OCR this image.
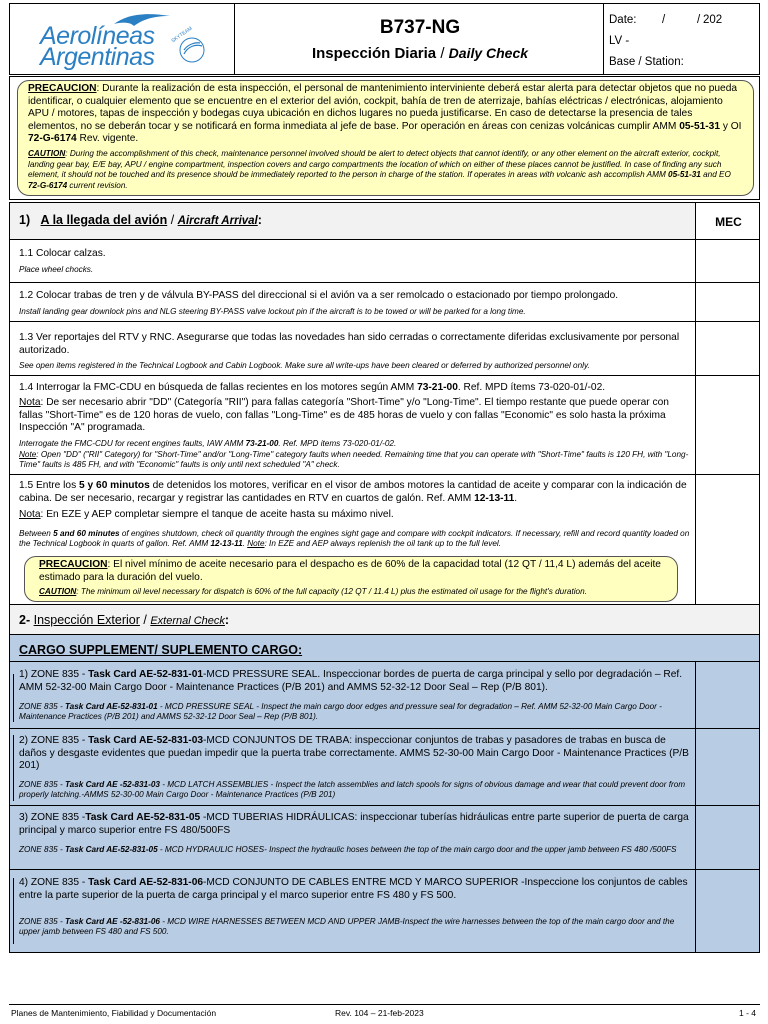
Aerolíneas
Argentinas
SKYTEAM	B737-NG
Inspección Diaria / Daily Check
Date: /	/ 202
LV -
Base / Station:
PRECAUCION: Durante la realización de esta inspección, el personal de mantenimiento interviniente deberá estar alerta para detectar objetos que no pueda identificar, o cualquier elemento que se encuentre en el exterior del avión, cockpit, bahía de tren de aterrizaje, bahías eléctricas / electrónicas, alojamiento APU / motores, tapas de inspección y bodegas cuya ubicación en dichos lugares no pueda justificarse. En caso de detectarse la presencia de tales elementos, no se deberán tocar y se notificará en forma inmediata al jefe de base. Por operación en áreas con cenizas volcánicas cumplir AMM 05-51-31 y OI 72-G-6174 Rev. vigente.
CAUTION: During the accomplishment of this check, maintenance personnel involved should be alert to detect objects that cannot identify, or any other element on the aircraft exterior, cockpit, landing gear bay, E/E bay, APU / engine compartment, inspection covers and cargo compartments the location of which on either of these places cannot be justified. In case of finding any such element, it should not be touched and its presence should be immediately reported to the person in charge of the station. If operates in areas with volcanic ash accomplish AMM 05-51-31 and EO 72-G-6174 current revision.
1) A la llegada del avión / Aircraft Arrival:	MEC
1.1 Colocar calzas.
Place wheel chocks.
1.2 Colocar trabas de tren y de válvula BY-PASS del direccional si el avión va a ser remolcado o estacionado por tiempo prolongado.
Install landing gear downlock pins and NLG steering BY-PASS valve lockout pin if the aircraft is to be towed or will be parked for a long time.
1.3 Ver reportajes del RTV y RNC. Asegurarse que todas las novedades han sido cerradas o correctamente diferidas exclusivamente por personal autorizado.
See open items registered in the Technical Logbook and Cabin Logbook. Make sure all write-ups have been cleared or deferred by authorized personnel only.
1.4 Interrogar la FMC-CDU en búsqueda de fallas recientes en los motores según AMM 73-21-00. Ref. MPD ítems 73-020-01/-02.
Nota: De ser necesario abrir "DD" (Categoría "RII") para fallas categoría "Short-Time" y/o "Long-Time". El tiempo restante que puede operar con fallas "Short-Time" es de 120 horas de vuelo, con fallas "Long-Time" es de 485 horas de vuelo y con fallas "Economic" es solo hasta la próxima Inspección "A" programada.
Interrogate the FMC-CDU for recent engines faults, IAW AMM 73-21-00. Ref. MPD items 73-020-01/-02.
Note: Open "DD" ("RII" Category) for "Short-Time" and/or "Long-Time" category faults when needed. Remaining time that you can operate with "Short-Time" faults is 120 FH, with "Long-Time" faults is 485 FH, and with "Economic" faults is only until next scheduled "A" check.
1.5 Entre los 5 y 60 minutos de detenidos los motores, verificar en el visor de ambos motores la cantidad de aceite y comparar con la indicación de cabina. De ser necesario, recargar y registrar las cantidades en RTV en cuartos de galón. Ref. AMM 12-13-11.
Nota: En EZE y AEP completar siempre el tanque de aceite hasta su máximo nivel.
Between 5 and 60 minutes of engines shutdown, check oil quantity through the engines sight gage and compare with cockpit indicators. If necessary, refill and record quantity loaded on the Technical Logbook in quarts of gallon. Ref. AMM 12-13-11. Note: In EZE and AEP always replenish the oil tank up to the full level.
PRECAUCION: El nivel mínimo de aceite necesario para el despacho es de 60% de la capacidad total (12 QT / 11,4 L) además del aceite estimado para la duración del vuelo.
CAUTION: The minimum oil level necessary for dispatch is 60% of the full capacity (12 QT / 11.4 L) plus the estimated oil usage for the flight's duration.
2- Inspección Exterior / External Check:
CARGO SUPPLEMENT/ SUPLEMENTO CARGO:
1) ZONE 835 - Task Card AE-52-831-01-MCD PRESSURE SEAL. Inspeccionar bordes de puerta de carga principal y sello por degradación – Ref. AMM 52-32-00 Main Cargo Door - Maintenance Practices (P/B 201) and AMMS 52-32-12 Door Seal – Rep (P/B 801).
ZONE 835 - Task Card AE-52-831-01 - MCD PRESSURE SEAL - Inspect the main cargo door edges and pressure seal for degradation – Ref. AMM 52-32-00 Main Cargo Door - Maintenance Practices (P/B 201) and AMMS 52-32-12 Door Seal – Rep (P/B 801).
2) ZONE 835 - Task Card AE-52-831-03-MCD CONJUNTOS DE TRABA: inspeccionar conjuntos de trabas y pasadores de trabas en busca de daños y desgaste evidentes que puedan impedir que la puerta trabe correctamente. AMMS 52-30-00 Main Cargo Door - Maintenance Practices (P/B 201)
ZONE 835 - Task Card AE -52-831-03 - MCD LATCH ASSEMBLIES - Inspect the latch assemblies and latch spools for signs of obvious damage and wear that could prevent door from properly latching.-AMMS 52-30-00 Main Cargo Door - Maintenance Practices (P/B 201)
3) ZONE 835 -Task Card AE-52-831-05 -MCD TUBERIAS HIDRÁULICAS: inspeccionar tuberías hidráulicas entre parte superior de puerta de carga principal y marco superior entre FS 480/500FS
ZONE 835 - Task Card AE-52-831-05 - MCD HYDRAULIC HOSES- Inspect the hydraulic hoses between the top of the main cargo door and the upper jamb between FS 480 /500FS
4) ZONE 835 - Task Card AE-52-831-06-MCD CONJUNTO DE CABLES ENTRE MCD Y MARCO SUPERIOR -Inspeccione los conjuntos de cables entre la parte superior de la puerta de carga principal y el marco superior entre FS 480 y FS 500.
ZONE 835 - Task Card AE -52-831-06 - MCD WIRE HARNESSES BETWEEN MCD AND UPPER JAMB-Inspect the wire harnesses between the top of the main cargo door and the upper jamb between FS 480 and FS 500.
Planes de Mantenimiento, Fiabilidad y Documentación	Rev. 104 – 21-feb-2023	1 - 4
